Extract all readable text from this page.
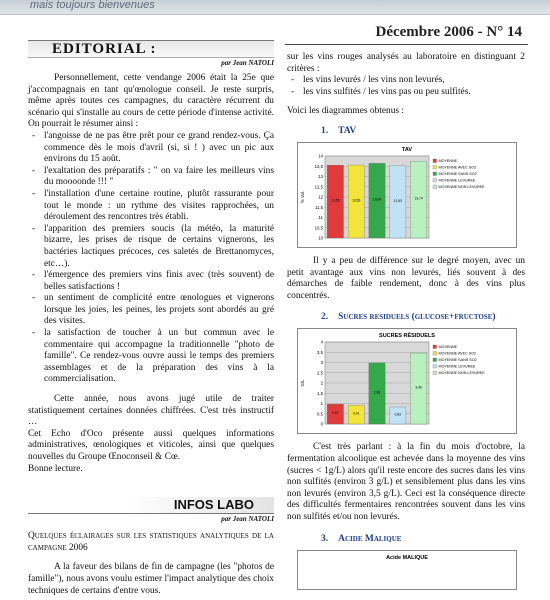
mais toujours bienvenues
Décembre 2006 - N° 14
EDITORIAL :
par Jean NATOLI

Personnellement, cette vendange 2006 était la 25e que j'accompagnais en tant qu'œnologue conseil. Je reste surpris, même après toutes ces campagnes, du caractère récurrent du scénario qui s'installe au cours de cette période d'intense activité. On pourrait le résumer ainsi :

- l'angoisse de ne pas être prêt pour ce grand rendez-vous. Ça commence dès le mois d'avril (si, si ! ) avec un pic aux environs du 15 août.
- l'exaltation des préparatifs : " on va faire les meilleurs vins du moooonde !!! "
- l'installation d'une certaine routine, plutôt rassurante pour tout le monde : un rythme des visites rapprochées, un déroulement des rencontres très établi.
- l'apparition des premiers soucis (la météo, la maturité bizarre, les prises de risque de certains vignerons, les bactéries lactiques précoces, ces saletés de Brettanomyces, etc…).
- l'émergence des premiers vins finis avec (très souvent) de belles satisfactions !
- un sentiment de complicité entre œnologues et vignerons lorsque les joies, les peines, les projets sont abordés au gré des visites.
- la satisfaction de toucher à un but commun avec le commentaire qui accompagne la traditionnelle "photo de famille". Ce rendez-vous ouvre aussi le temps des premiers assemblages et de la préparation des vins à la commercialisation.

Cette année, nous avons jugé utile de traiter statistiquement certaines données chiffrées. C'est très instructif …

Cet Echo d'Oco présente aussi quelques informations administratives, œnologiques et viticoles, ainsi que quelques nouvelles du Groupe Œnoconseil & Cœ.

Bonne lecture.

INFOS LABO
par Jean NATOLI

Quelques éclairages sur les statistiques analytiques de la campagne 2006

A la faveur des bilans de fin de campagne (les "photos de famille"), nous avons voulu estimer l'impact analytique des choix techniques de certains d'entre vous.

sur les vins rouges analysés au laboratoire en distinguant 2 critères :

- les vins levurés / les vins non levurés,
- les vins sulfités / les vins pas ou peu sulfités.

Voici les diagrammes obtenus :

1. TAV
TAV
10
10,5
11
11,5
12
12,5
13
13,5
14
% Vol.	13,55	13,56	13,64	13,53
13,74
MOYENNE
MOYENNE AVEC SO2
MOYENNE SANS SO2
MOYENNE LEVUREE
MOYENNE NON LEVUREE

Il y a peu de différence sur le degré moyen, avec un petit avantage aux vins non levurés, liés souvent à des démarches de faible rendement, donc à des vins plus concentrés.

2. Sucres residuels (glucose+fructose)
SUCRES RÉSIDUELS
0
0,5
1
1,5
2
2,5
3
3,5
4
G/L
0,97	0,91
2,98
0,83
3,46
MOYENNE
MOYENNE AVEC SO2
MOYENNE SANS SO2
MOYENNE LEVUREE
MOYENNE NON LEVUREE

C'est très parlant : à la fin du mois d'octobre, la fermentation alcoolique est achevée dans la moyenne des vins (sucres < 1g/L) alors qu'il reste encore des sucres dans les vins non sulfités (environ 3 g/L) et sensiblement plus dans les vins non levurés (environ 3,5 g/L). Ceci est la conséquence directe des difficultés fermentaires rencontrées souvent dans les vins non sulfités et/ou non levurés.

3. Acide Malique
Acide MALIQUE
